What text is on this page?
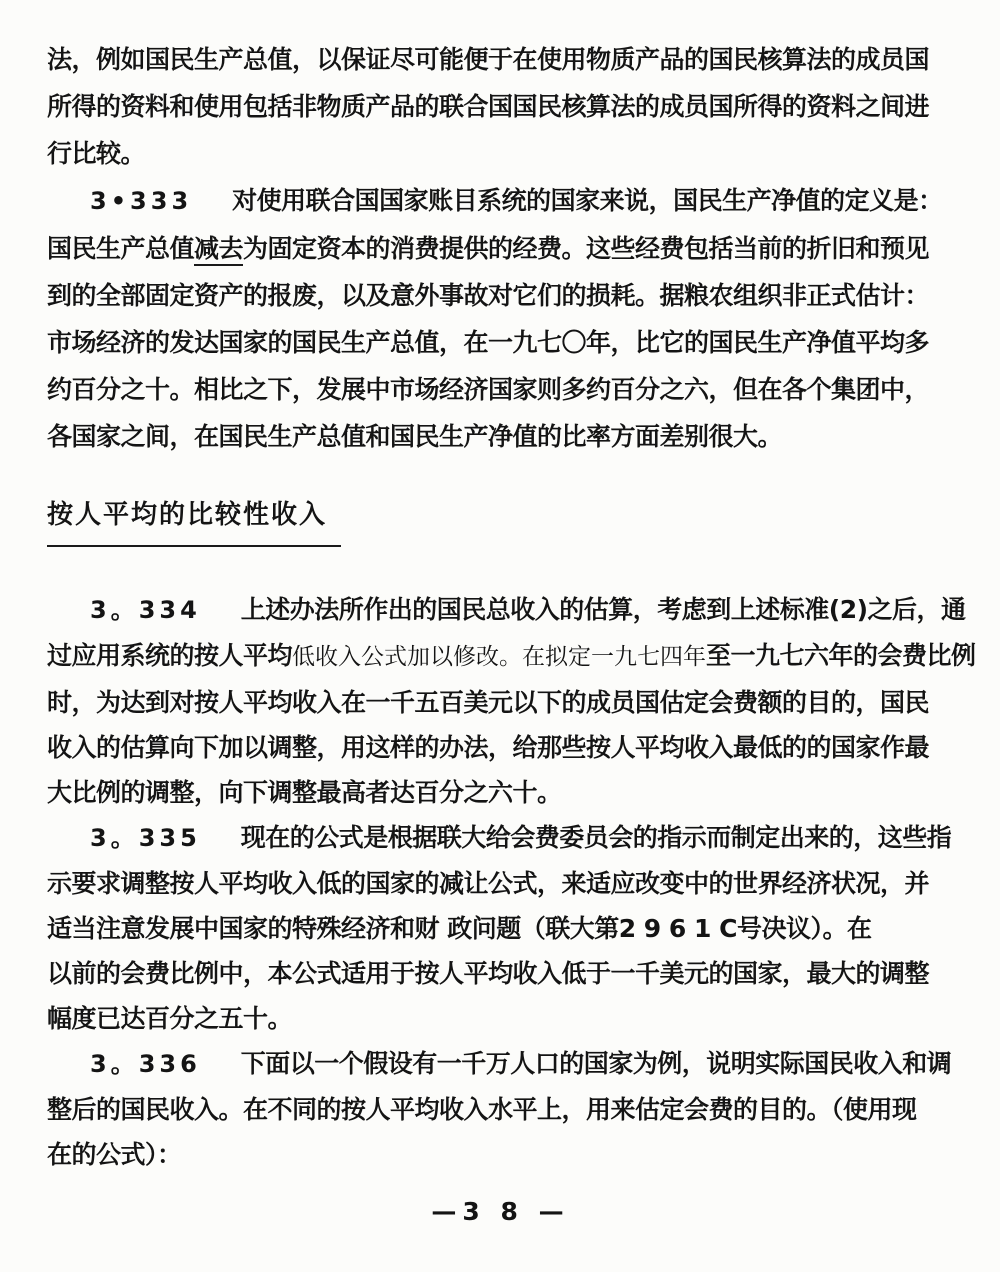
法，例如国民生产总值，以保证尽可能便于在使用物质产品的国民核算法的成员国
所得的资料和使用包括非物质产品的联合国国民核算法的成员国所得的资料之间进
行比较。
3•333 对使用联合国国家账目系统的国家来说，国民生产净值的定义是：
国民生产总值减去为固定资本的消费提供的经费。这些经费包括当前的折旧和预见
到的全部固定资产的报废，以及意外事故对它们的损耗。据粮农组织非正式估计：
市场经济的发达国家的国民生产总值，在一九七〇年，比它的国民生产净值平均多
约百分之十。相比之下，发展中市场经济国家则多约百分之六，但在各个集团中，
各国家之间，在国民生产总值和国民生产净值的比率方面差别很大。
按人平均的比较性收入
3。334 上述办法所作出的国民总收入的估算，考虑到上述标准(2)之后，通
过应用系统的按人平均低收入公式加以修改。在拟定一九七四年至一九七六年的会费比例
时，为达到对按人平均收入在一千五百美元以下的成员国估定会费额的目的，国民
收入的估算向下加以调整，用这样的办法，给那些按人平均收入最低的的国家作最
大比例的调整，向下调整最高者达百分之六十。
3。335 现在的公式是根据联大给会费委员会的指示而制定出来的，这些指
示要求调整按人平均收入低的国家的减让公式，来适应改变中的世界经济状况，并
适当注意发展中国家的特殊经济和财 政问题（联大第2 9 6 1 C号决议）。在
以前的会费比例中，本公式适用于按人平均收入低于一千美元的国家，最大的调整
幅度已达百分之五十。
3。336 下面以一个假设有一千万人口的国家为例，说明实际国民收入和调
整后的国民收入。在不同的按人平均收入水平上，用来估定会费的目的。（使用现
在的公式）：
—3 8 —
